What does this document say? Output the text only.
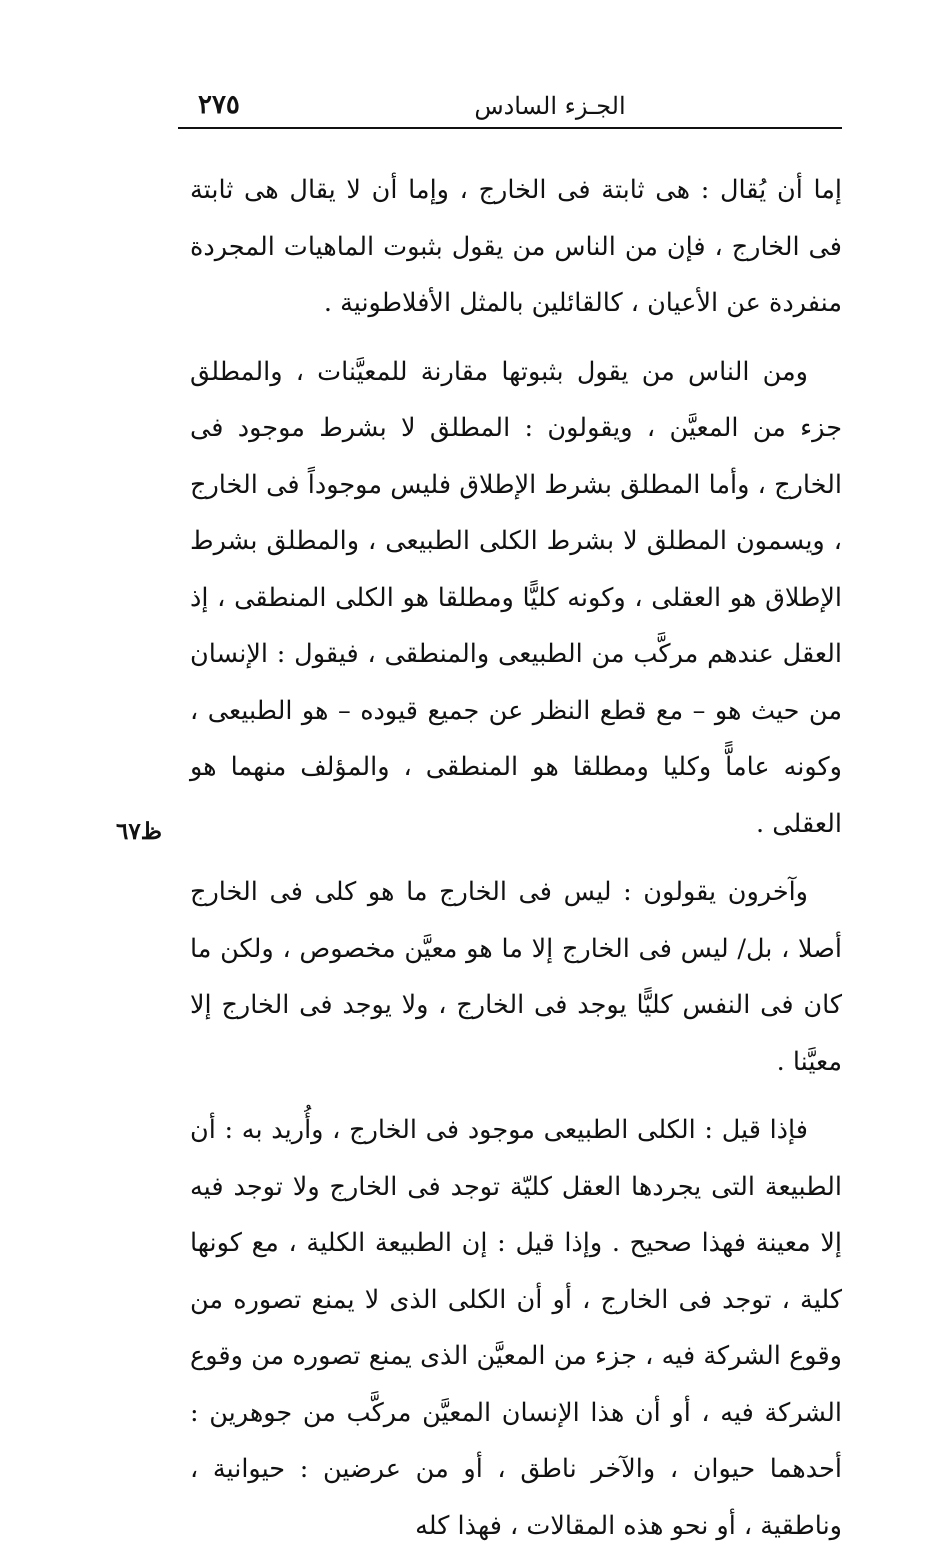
٢٧٥	الجـزء السادس
ظ٦٧

إما أن يُقال : هى ثابتة فى الخارج ، وإما أن لا يقال هى ثابتة فى الخارج ، فإن من الناس من يقول بثبوت الماهيات المجردة منفردة عن الأعيان ، كالقائلين بالمثل الأفلاطونية .

ومن الناس من يقول بثبوتها مقارنة للمعيَّنات ، والمطلق جزء من المعيَّن ، ويقولون : المطلق لا بشرط موجود فى الخارج ، وأما المطلق بشرط الإطلاق فليس موجوداً فى الخارج ، ويسمون المطلق لا بشرط الكلى الطبيعى ، والمطلق بشرط الإطلاق هو العقلى ، وكونه كليًّا ومطلقا هو الكلى المنطقى ، إذ العقل عندهم مركَّب من الطبيعى والمنطقى ، فيقول : الإنسان من حيث هو – مع قطع النظر عن جميع قيوده – هو الطبيعى ، وكونه عاماًّ وكليا ومطلقا هو المنطقى ، والمؤلف منهما هو العقلى .

وآخرون يقولون : ليس فى الخارج ما هو كلى فى الخارج أصلا ، بل/ ليس فى الخارج إلا ما هو معيَّن مخصوص ، ولكن ما كان فى النفس كليًّا يوجد فى الخارج ، ولا يوجد فى الخارج إلا معيَّنا .

فإذا قيل : الكلى الطبيعى موجود فى الخارج ، وأُريد به : أن الطبيعة التى يجردها العقل كليّة توجد فى الخارج ولا توجد فيه إلا معينة فهذا صحيح . وإذا قيل : إن الطبيعة الكلية ، مع كونها كلية ، توجد فى الخارج ، أو أن الكلى الذى لا يمنع تصوره من وقوع الشركة فيه ، جزء من المعيَّن الذى يمنع تصوره من وقوع الشركة فيه ، أو أن هذا الإنسان المعيَّن مركَّب من جوهرين : أحدهما حيوان ، والآخر ناطق ، أو من عرضين : حيوانية ، وناطقية ، أو نحو هذه المقالات ، فهذا كله
